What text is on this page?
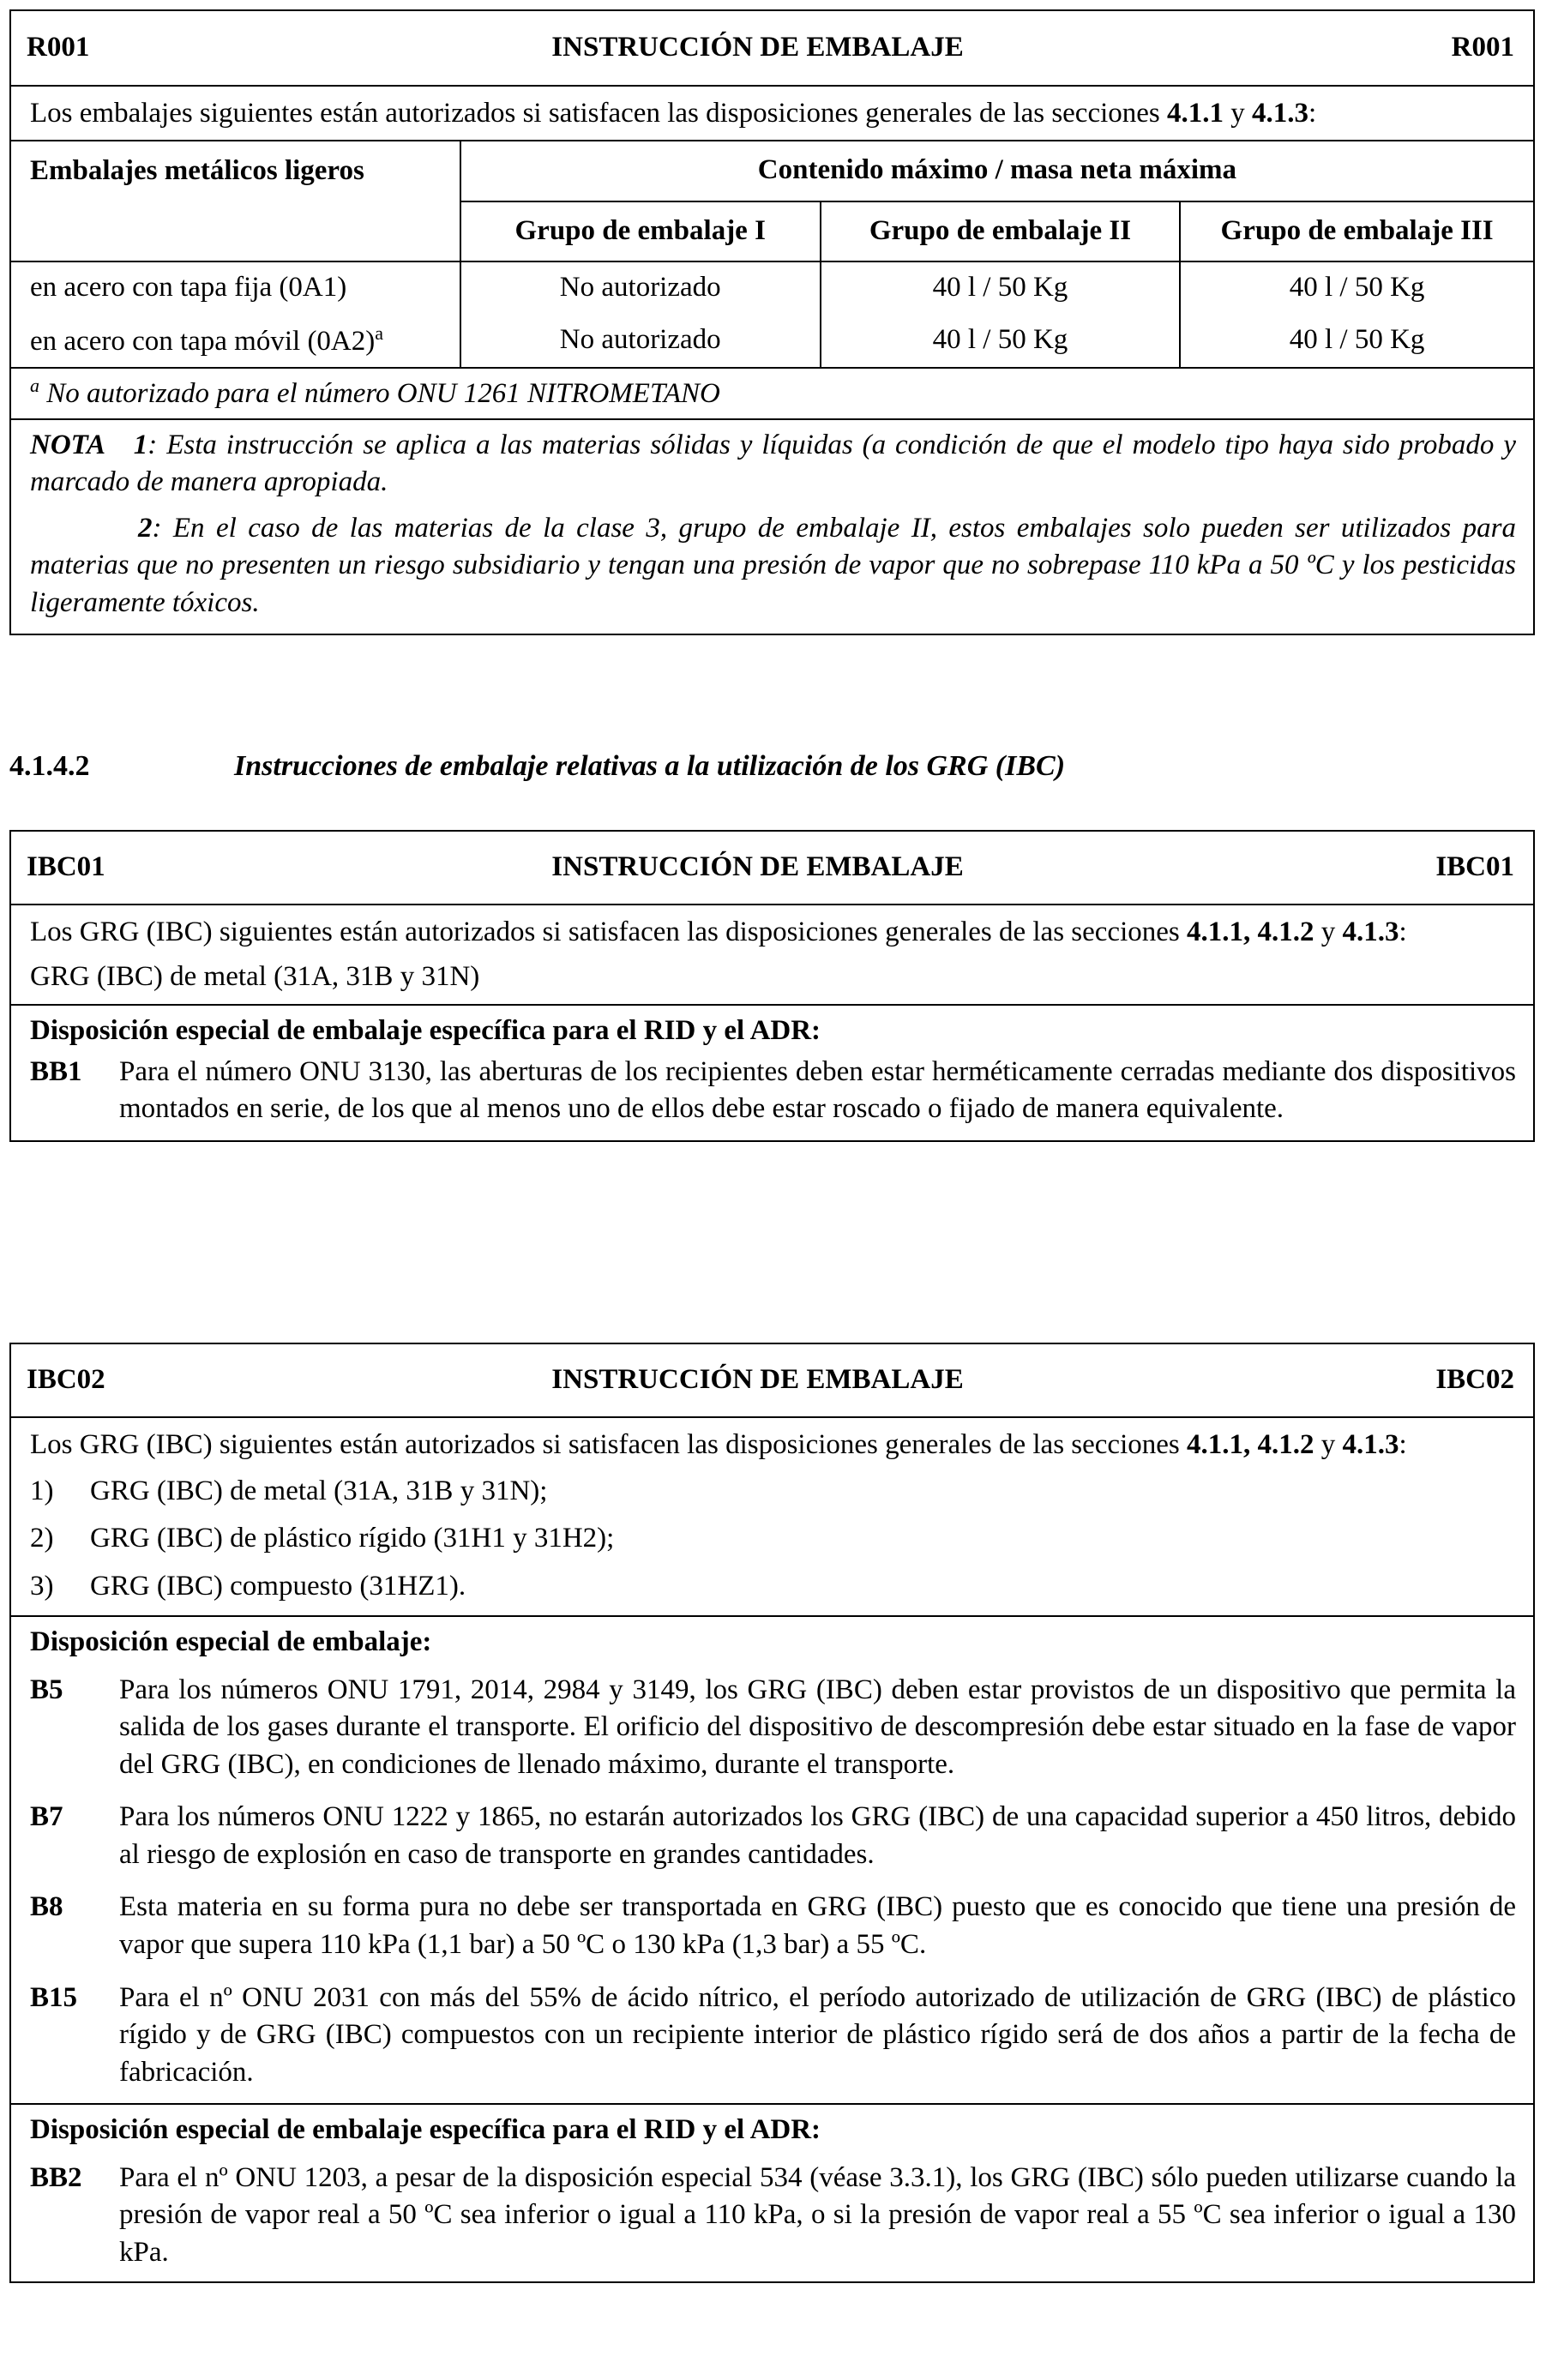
R001	INSTRUCCIÓN DE EMBALAJE	R001
Los embalajes siguientes están autorizados si satisfacen las disposiciones generales de las secciones 4.1.1 y 4.1.3:
Embalajes metálicos ligeros	Contenido máximo / masa neta máxima		
	Grupo de embalaje I	Grupo de embalaje II	Grupo de embalaje III
en acero con tapa fija (0A1)	No autorizado	40 l / 50 Kg	40 l / 50 Kg
en acero con tapa móvil $(0A2)^a$	No autorizado	40 l / 50 Kg	40 l / 50 Kg
$^a$ No autorizado para el número ONU 1261 NITROMETANO
NOTA 1: Esta instrucción se aplica a las materias sólidas y líquidas (a condición de que el modelo tipo haya sido probado y marcado de manera apropiada.
2: En el caso de las materias de la clase 3, grupo de embalaje II, estos embalajes solo pueden ser utilizados para materias que no presenten un riesgo subsidiario y tengan una presión de vapor que no sobrepase 110 kPa a 50 ºC y los pesticidas ligeramente tóxicos.
4.1.4.2	Instrucciones de embalaje relativas a la utilización de los GRG (IBC)
IBC01	INSTRUCCIÓN DE EMBALAJE	IBC01
Los GRG (IBC) siguientes están autorizados si satisfacen las disposiciones generales de las secciones 4.1.1, 4.1.2 y 4.1.3:
GRG (IBC) de metal (31A, 31B y 31N)
Disposición especial de embalaje específica para el RID y el ADR:
BB1	Para el número ONU 3130, las aberturas de los recipientes deben estar herméticamente cerradas mediante dos dispositivos montados en serie, de los que al menos uno de ellos debe estar roscado o fijado de manera equivalente.
IBC02	INSTRUCCIÓN DE EMBALAJE	IBC02
Los GRG (IBC) siguientes están autorizados si satisfacen las disposiciones generales de las secciones 4.1.1, 4.1.2 y 4.1.3:
1)	GRG (IBC) de metal (31A, 31B y 31N);
2)	GRG (IBC) de plástico rígido (31H1 y 31H2);
3)	GRG (IBC) compuesto (31HZ1).
Disposición especial de embalaje:
B5	Para los números ONU 1791, 2014, 2984 y 3149, los GRG (IBC) deben estar provistos de un dispositivo que permita la salida de los gases durante el transporte. El orificio del dispositivo de descompresión debe estar situado en la fase de vapor del GRG (IBC), en condiciones de llenado máximo, durante el transporte.
B7	Para los números ONU 1222 y 1865, no estarán autorizados los GRG (IBC) de una capacidad superior a 450 litros, debido al riesgo de explosión en caso de transporte en grandes cantidades.
B8	Esta materia en su forma pura no debe ser transportada en GRG (IBC) puesto que es conocido que tiene una presión de vapor que supera 110 kPa (1,1 bar) a 50 ºC o 130 kPa (1,3 bar) a 55 ºC.
B15	Para el nº ONU 2031 con más del 55% de ácido nítrico, el período autorizado de utilización de GRG (IBC) de plástico rígido y de GRG (IBC) compuestos con un recipiente interior de plástico rígido será de dos años a partir de la fecha de fabricación.
Disposición especial de embalaje específica para el RID y el ADR:
BB2	Para el nº ONU 1203, a pesar de la disposición especial 534 (véase 3.3.1), los GRG (IBC) sólo pueden utilizarse cuando la presión de vapor real a 50 ºC sea inferior o igual a 110 kPa, o si la presión de vapor real a 55 ºC sea inferior o igual a 130 kPa.
